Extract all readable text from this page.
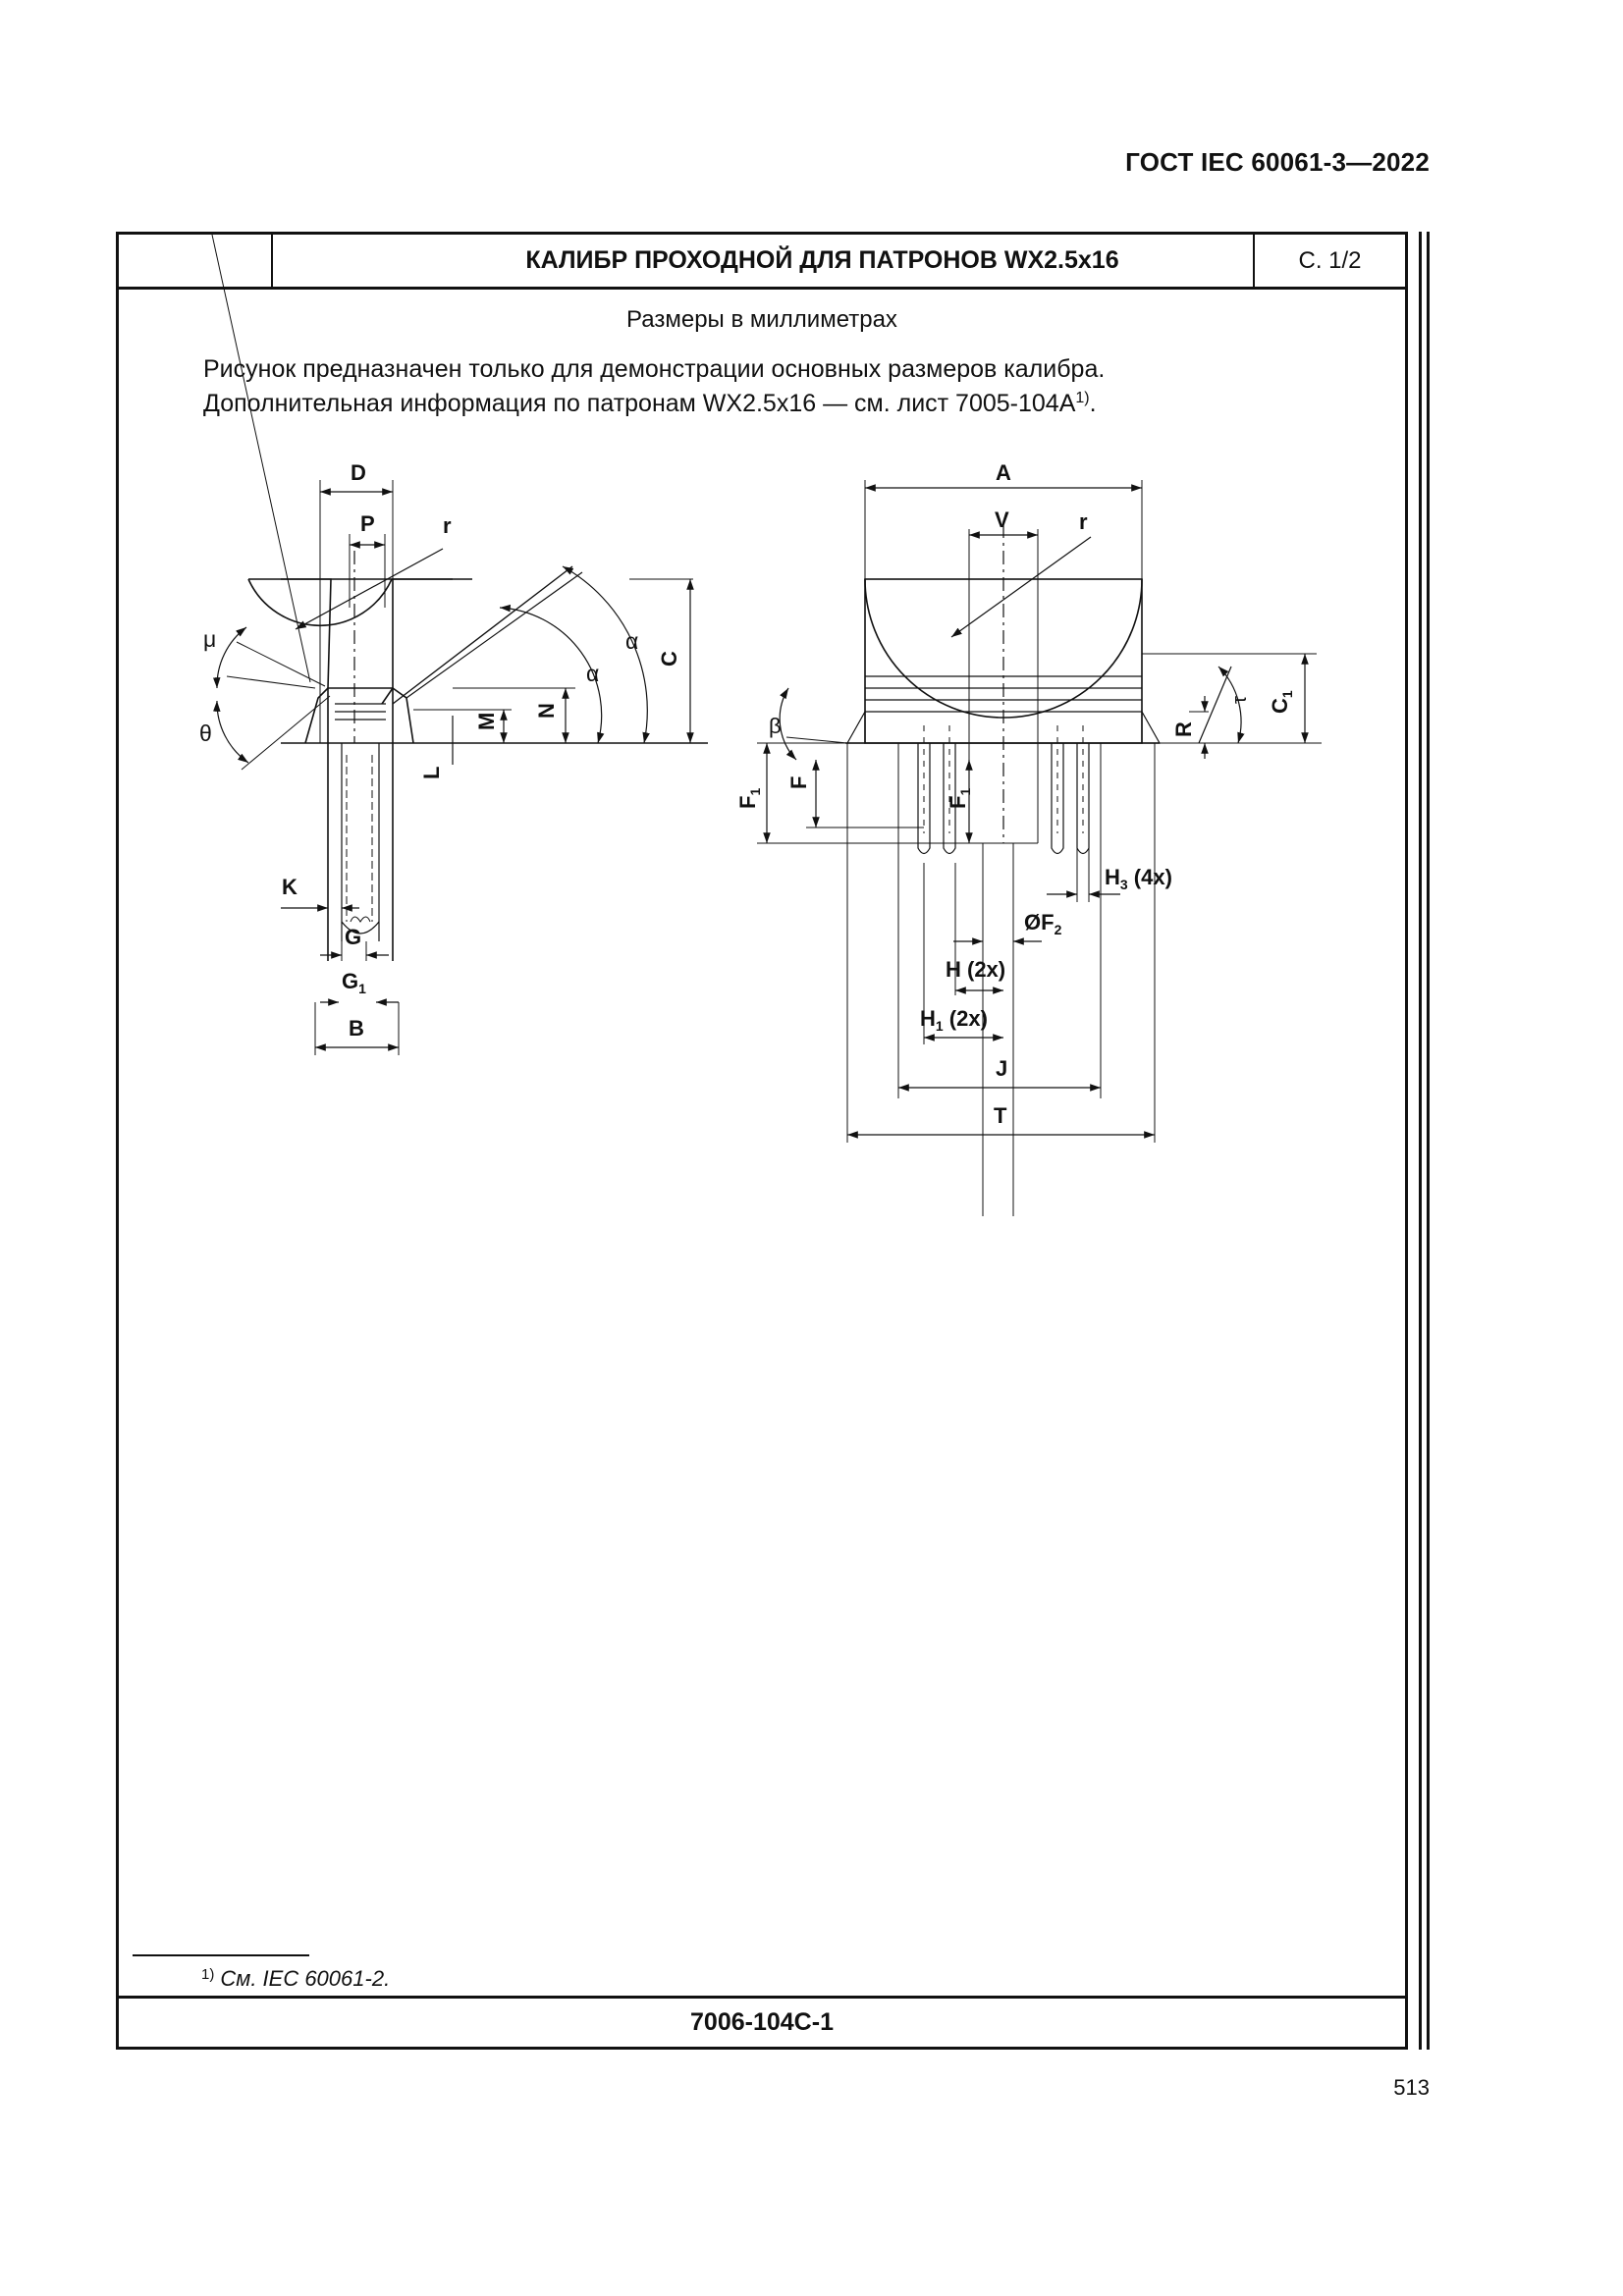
ГОСТ IEC 60061-3—2022
КАЛИБР ПРОХОДНОЙ ДЛЯ ПАТРОНОВ WX2.5x16	С. 1/2
Размеры в миллиметрах
Рисунок предназначен только для демонстрации основных размеров калибра.
Дополнительная информация по патронам WX2.5x16 — см. лист $7005-104A^{1)}$.
D
P	r
α
α
C
N
M
L
μ
θ
K
G
$G_1$
B
A
V	r
τ $C_1$
R
β
$F_1$
F
$F_1$
$H_3$ (4x)
$ØF_2$
H (2x)
$H_1$ (2x)
J
T
$^{1)}$ См. IEC 60061-2.
7006-104C-1
513
